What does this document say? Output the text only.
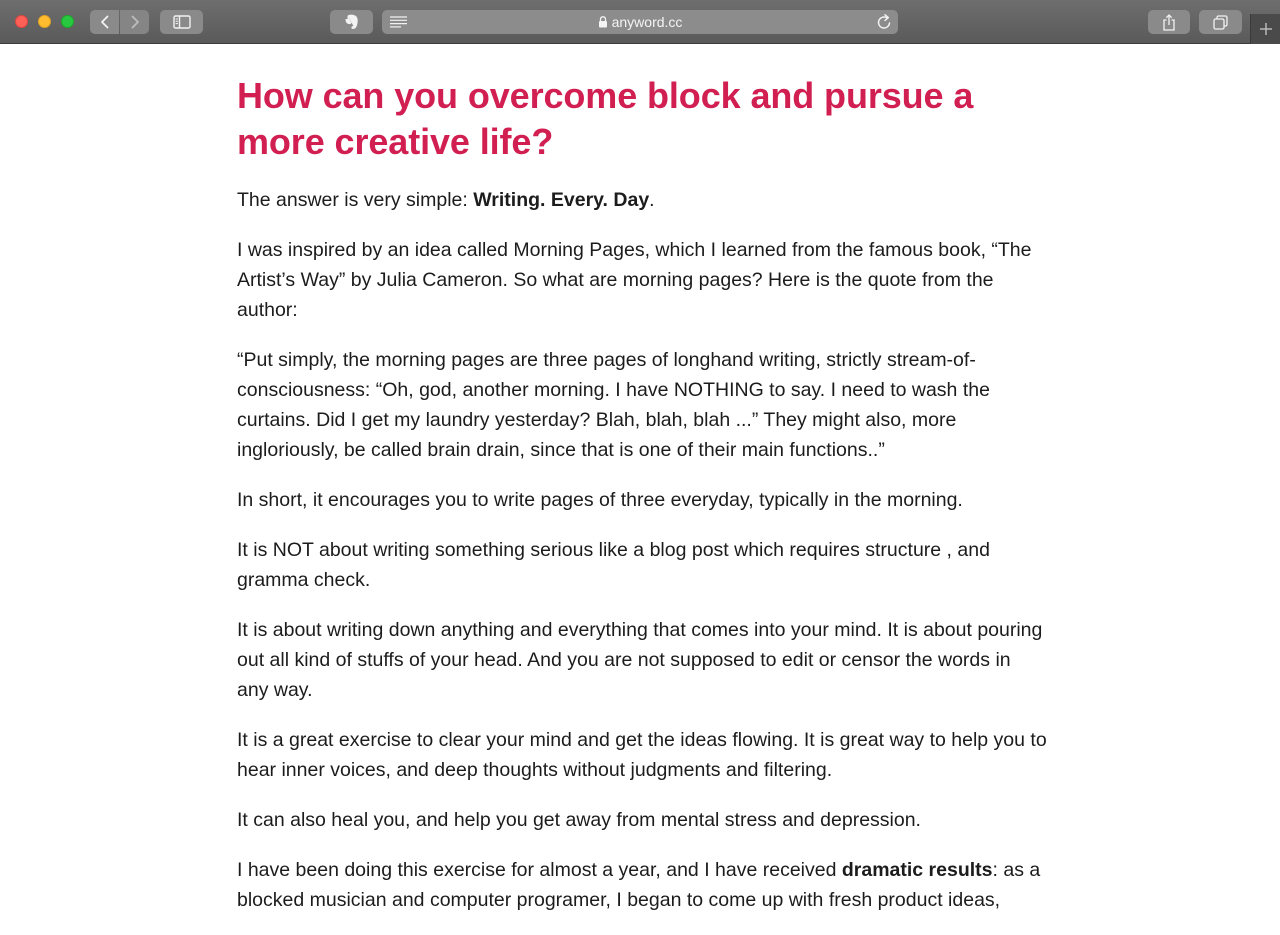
anyword.cc
How can you overcome block and pursue a more creative life?

The answer is very simple: Writing. Every. Day.

I was inspired by an idea called Morning Pages, which I learned from the famous book, “The Artist’s Way” by Julia Cameron. So what are morning pages? Here is the quote from the author:

“Put simply, the morning pages are three pages of longhand writing, strictly stream-of-consciousness: “Oh, god, another morning. I have NOTHING to say. I need to wash the curtains. Did I get my laundry yesterday? Blah, blah, blah ...” They might also, more ingloriously, be called brain drain, since that is one of their main functions..”

In short, it encourages you to write pages of three everyday, typically in the morning.

It is NOT about writing something serious like a blog post which requires structure , and gramma check.

It is about writing down anything and everything that comes into your mind. It is about pouring out all kind of stuffs of your head. And you are not supposed to edit or censor the words in any way.

It is a great exercise to clear your mind and get the ideas flowing. It is great way to help you to hear inner voices, and deep thoughts without judgments and filtering.

It can also heal you, and help you get away from mental stress and depression.

I have been doing this exercise for almost a year, and I have received dramatic results: as a blocked musician and computer programer, I began to come up with fresh product ideas,
